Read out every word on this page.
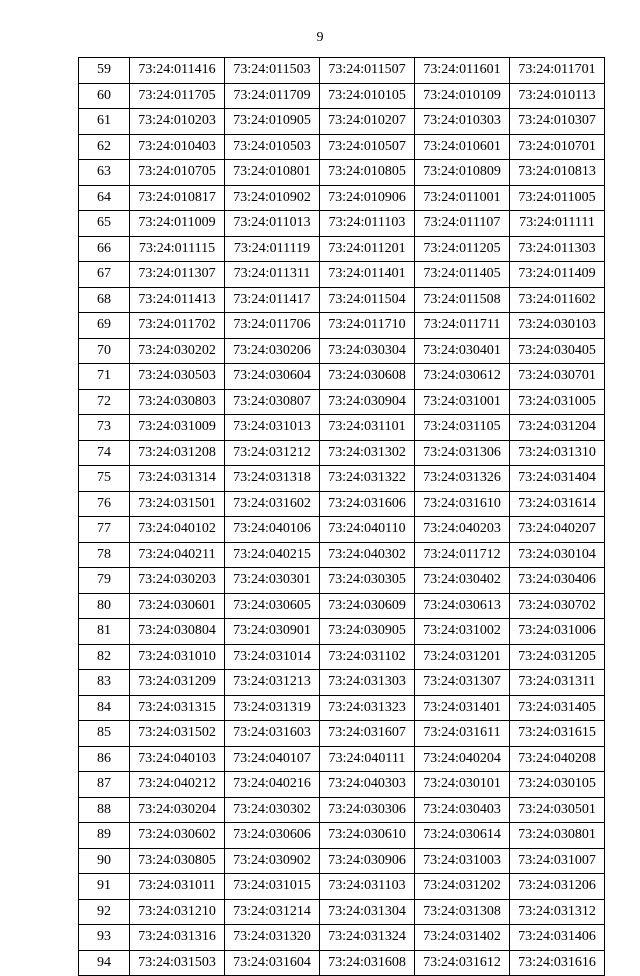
9
59	73:24:011416	73:24:011503	73:24:011507	73:24:011601	73:24:011701
60	73:24:011705	73:24:011709	73:24:010105	73:24:010109	73:24:010113
61	73:24:010203	73:24:010905	73:24:010207	73:24:010303	73:24:010307
62	73:24:010403	73:24:010503	73:24:010507	73:24:010601	73:24:010701
63	73:24:010705	73:24:010801	73:24:010805	73:24:010809	73:24:010813
64	73:24:010817	73:24:010902	73:24:010906	73:24:011001	73:24:011005
65	73:24:011009	73:24:011013	73:24:011103	73:24:011107	73:24:011111
66	73:24:011115	73:24:011119	73:24:011201	73:24:011205	73:24:011303
67	73:24:011307	73:24:011311	73:24:011401	73:24:011405	73:24:011409
68	73:24:011413	73:24:011417	73:24:011504	73:24:011508	73:24:011602
69	73:24:011702	73:24:011706	73:24:011710	73:24:011711	73:24:030103
70	73:24:030202	73:24:030206	73:24:030304	73:24:030401	73:24:030405
71	73:24:030503	73:24:030604	73:24:030608	73:24:030612	73:24:030701
72	73:24:030803	73:24:030807	73:24:030904	73:24:031001	73:24:031005
73	73:24:031009	73:24:031013	73:24:031101	73:24:031105	73:24:031204
74	73:24:031208	73:24:031212	73:24:031302	73:24:031306	73:24:031310
75	73:24:031314	73:24:031318	73:24:031322	73:24:031326	73:24:031404
76	73:24:031501	73:24:031602	73:24:031606	73:24:031610	73:24:031614
77	73:24:040102	73:24:040106	73:24:040110	73:24:040203	73:24:040207
78	73:24:040211	73:24:040215	73:24:040302	73:24:011712	73:24:030104
79	73:24:030203	73:24:030301	73:24:030305	73:24:030402	73:24:030406
80	73:24:030601	73:24:030605	73:24:030609	73:24:030613	73:24:030702
81	73:24:030804	73:24:030901	73:24:030905	73:24:031002	73:24:031006
82	73:24:031010	73:24:031014	73:24:031102	73:24:031201	73:24:031205
83	73:24:031209	73:24:031213	73:24:031303	73:24:031307	73:24:031311
84	73:24:031315	73:24:031319	73:24:031323	73:24:031401	73:24:031405
85	73:24:031502	73:24:031603	73:24:031607	73:24:031611	73:24:031615
86	73:24:040103	73:24:040107	73:24:040111	73:24:040204	73:24:040208
87	73:24:040212	73:24:040216	73:24:040303	73:24:030101	73:24:030105
88	73:24:030204	73:24:030302	73:24:030306	73:24:030403	73:24:030501
89	73:24:030602	73:24:030606	73:24:030610	73:24:030614	73:24:030801
90	73:24:030805	73:24:030902	73:24:030906	73:24:031003	73:24:031007
91	73:24:031011	73:24:031015	73:24:031103	73:24:031202	73:24:031206
92	73:24:031210	73:24:031214	73:24:031304	73:24:031308	73:24:031312
93	73:24:031316	73:24:031320	73:24:031324	73:24:031402	73:24:031406
94	73:24:031503	73:24:031604	73:24:031608	73:24:031612	73:24:031616
